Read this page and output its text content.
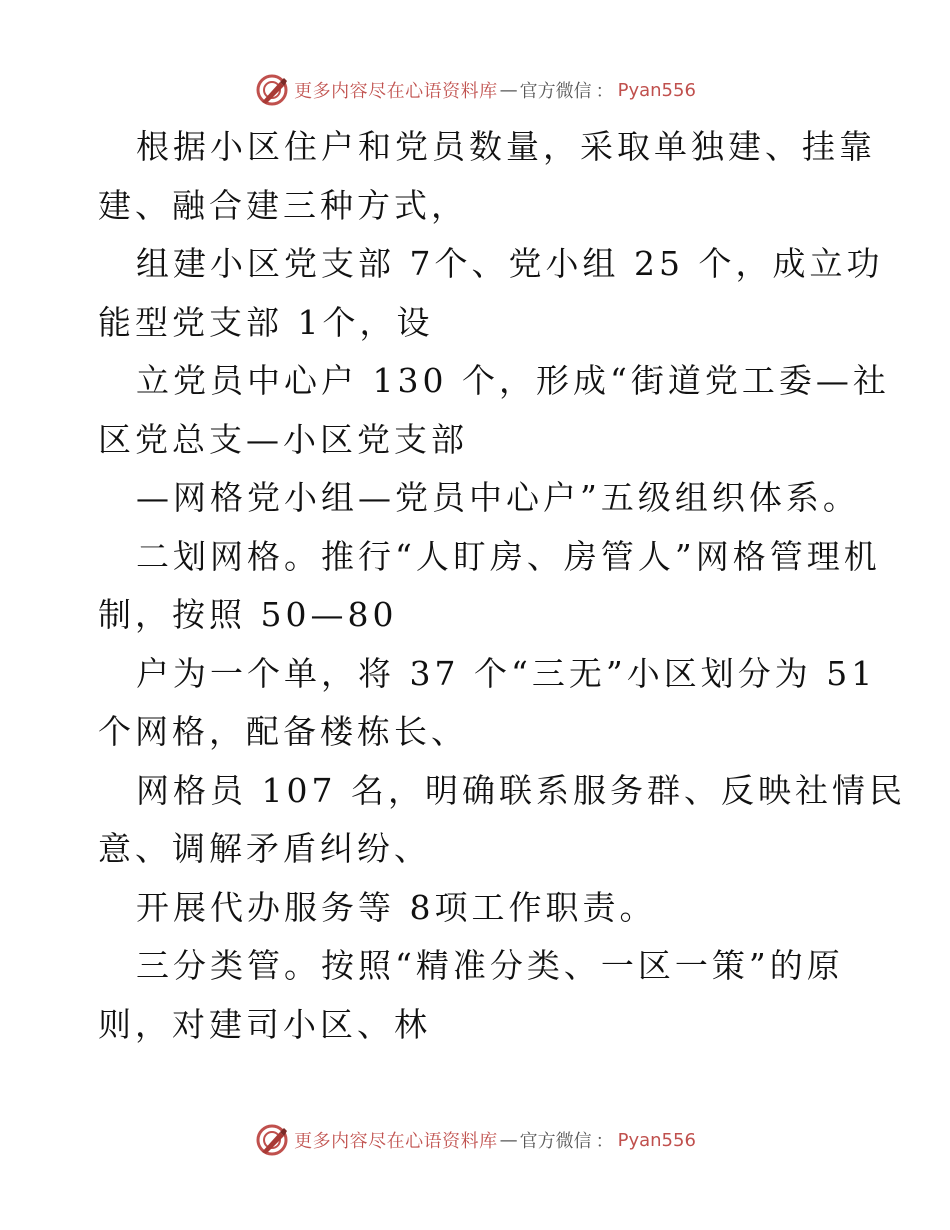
更多内容尽在心语资料库 — 官方微信 ： Pyan556
根据小区住户和党员数量，采取单独建、挂靠
建、融合建三种方式，
组建小区党支部 7个、党小组 25 个，成立功
能型党支部 1个，设
立党员中心户 130 个，形成“街道党工委—社
区党总支—小区党支部
—网格党小组—党员中心户”五级组织体系。
二划网格。推行“人盯房、房管人”网格管理机
制，按照 50—80
户为一个单，将 37 个“三无”小区划分为 51
个网格，配备楼栋长、
网格员 107 名，明确联系服务群、反映社情民
意、调解矛盾纠纷、
开展代办服务等 8项工作职责。
三分类管。按照“精准分类、一区一策”的原
则，对建司小区、林
更多内容尽在心语资料库 — 官方微信 ： Pyan556
